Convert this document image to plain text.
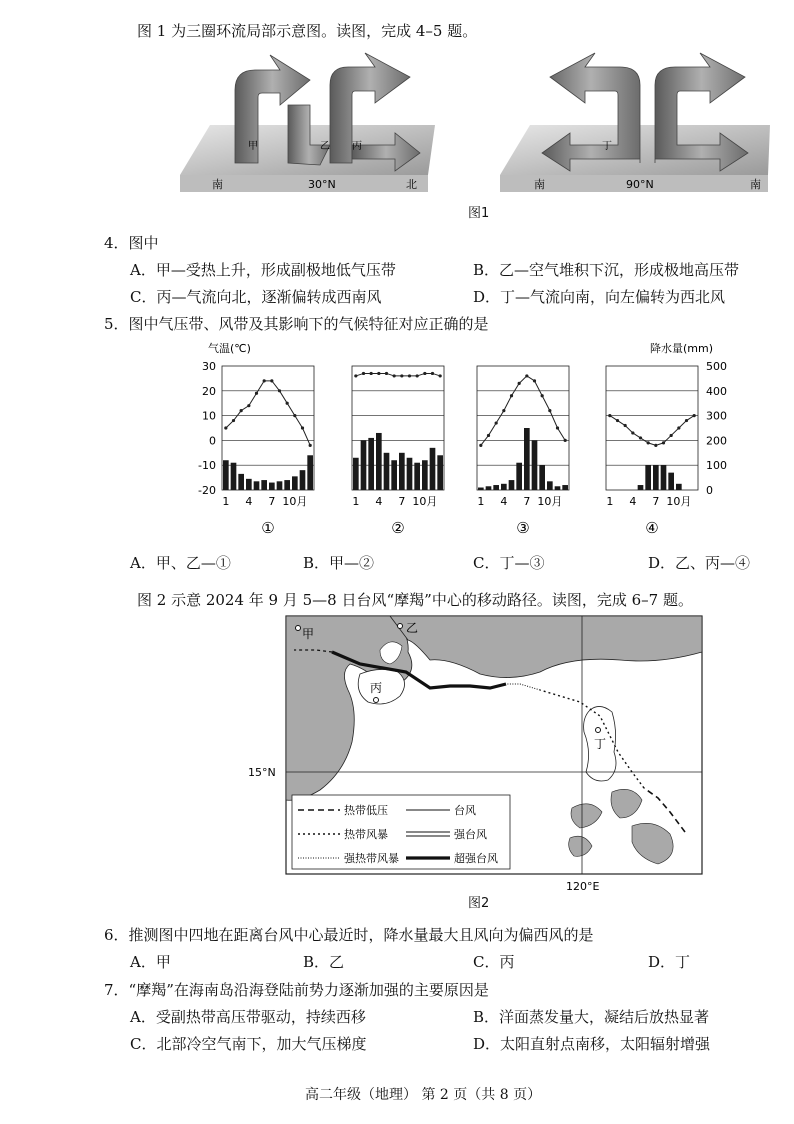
图 1 为三圈环流局部示意图。读图，完成 4–5 题。
甲	乙 丙
南	30°N	北
丁
南	90°N	南
图1
4．图中
A．甲—受热上升，形成副极地低气压带	B．乙—空气堆积下沉，形成极地高压带
C．丙—气流向北，逐渐偏转成西南风	D．丁—气流向南，向左偏转为西北风
5．图中气压带、风带及其影响下的气候特征对应正确的是
气温(℃)	降水量(mm)
30
20
10
0
-10
-20
500
400
300
200
100
0
1 4 7 10月
①
1 4 7 10月
②
1 4 7 10月
③
1 4 7 10月
④
A．甲、乙—①	B．甲—②	C．丁—③	D．乙、丙—④
图 2 示意 2024 年 9 月 5—8 日台风“摩羯”中心的移动路径。读图，完成 6–7 题。
甲	乙
丙
丁
热带低压	台风
热带风暴	强台风
强热带风暴	超强台风
15°N
120°E
图2
6．推测图中四地在距离台风中心最近时，降水量最大且风向为偏西风的是
A．甲	B．乙	C．丙	D．丁
7．“摩羯”在海南岛沿海登陆前势力逐渐加强的主要原因是
A．受副热带高压带驱动，持续西移	B．洋面蒸发量大，凝结后放热显著
C．北部冷空气南下，加大气压梯度	D．太阳直射点南移，太阳辐射增强
高二年级（地理） 第 2 页（共 8 页）
